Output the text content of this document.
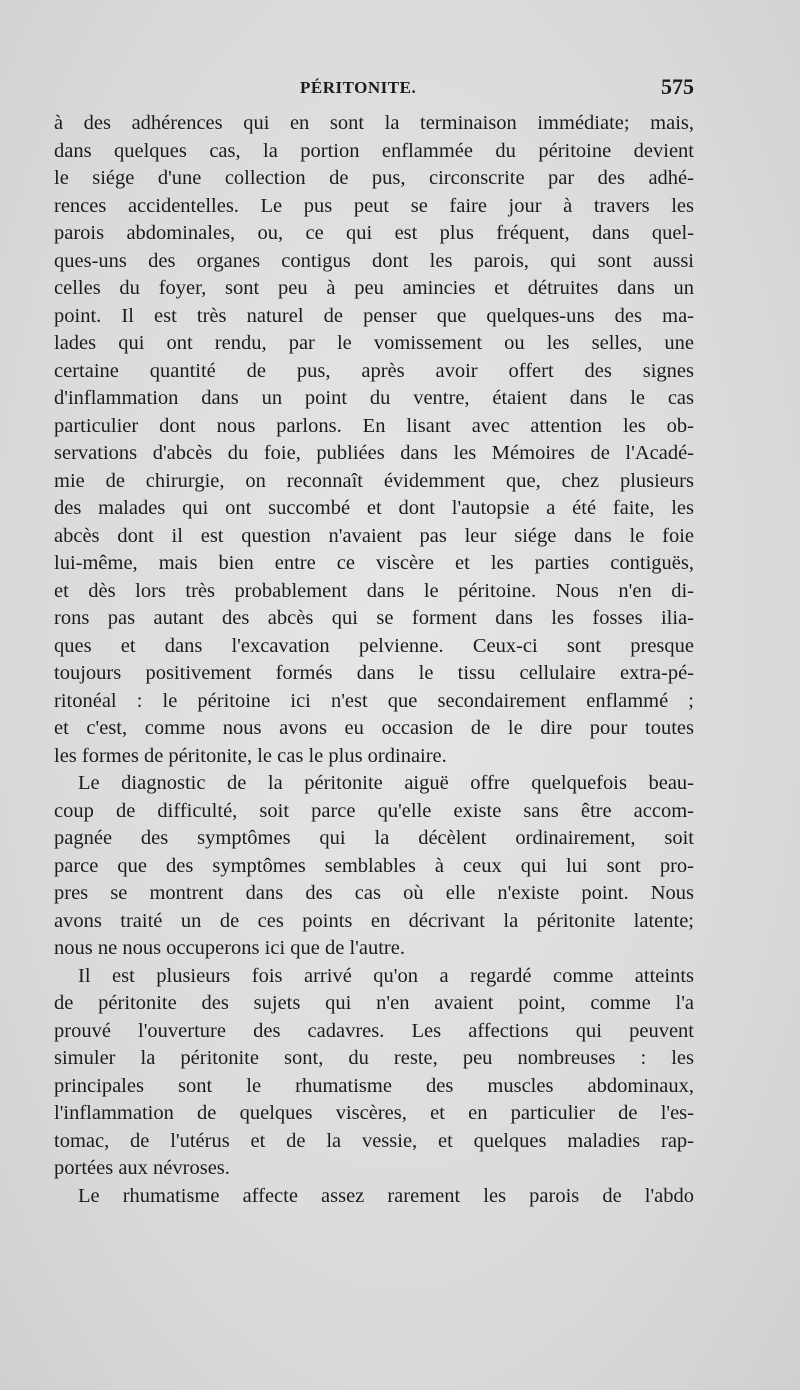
PÉRITONITE.	575
à des adhérences qui en sont la terminaison immédiate; mais,
dans quelques cas, la portion enflammée du péritoine devient
le siége d'une collection de pus, circonscrite par des adhé-
rences accidentelles. Le pus peut se faire jour à travers les
parois abdominales, ou, ce qui est plus fréquent, dans quel-
ques-uns des organes contigus dont les parois, qui sont aussi
celles du foyer, sont peu à peu amincies et détruites dans un
point. Il est très naturel de penser que quelques-uns des ma-
lades qui ont rendu, par le vomissement ou les selles, une
certaine quantité de pus, après avoir offert des signes
d'inflammation dans un point du ventre, étaient dans le cas
particulier dont nous parlons. En lisant avec attention les ob-
servations d'abcès du foie, publiées dans les Mémoires de l'Acadé-
mie de chirurgie, on reconnaît évidemment que, chez plusieurs
des malades qui ont succombé et dont l'autopsie a été faite, les
abcès dont il est question n'avaient pas leur siége dans le foie
lui-même, mais bien entre ce viscère et les parties contiguës,
et dès lors très probablement dans le péritoine. Nous n'en di-
rons pas autant des abcès qui se forment dans les fosses ilia-
ques et dans l'excavation pelvienne. Ceux-ci sont presque
toujours positivement formés dans le tissu cellulaire extra-pé-
ritonéal : le péritoine ici n'est que secondairement enflammé ;
et c'est, comme nous avons eu occasion de le dire pour toutes
les formes de péritonite, le cas le plus ordinaire.
Le diagnostic de la péritonite aiguë offre quelquefois beau-
coup de difficulté, soit parce qu'elle existe sans être accom-
pagnée des symptômes qui la décèlent ordinairement, soit
parce que des symptômes semblables à ceux qui lui sont pro-
pres se montrent dans des cas où elle n'existe point. Nous
avons traité un de ces points en décrivant la péritonite latente;
nous ne nous occuperons ici que de l'autre.
Il est plusieurs fois arrivé qu'on a regardé comme atteints
de péritonite des sujets qui n'en avaient point, comme l'a
prouvé l'ouverture des cadavres. Les affections qui peuvent
simuler la péritonite sont, du reste, peu nombreuses : les
principales sont le rhumatisme des muscles abdominaux,
l'inflammation de quelques viscères, et en particulier de l'es-
tomac, de l'utérus et de la vessie, et quelques maladies rap-
portées aux névroses.
Le rhumatisme affecte assez rarement les parois de l'abdo
